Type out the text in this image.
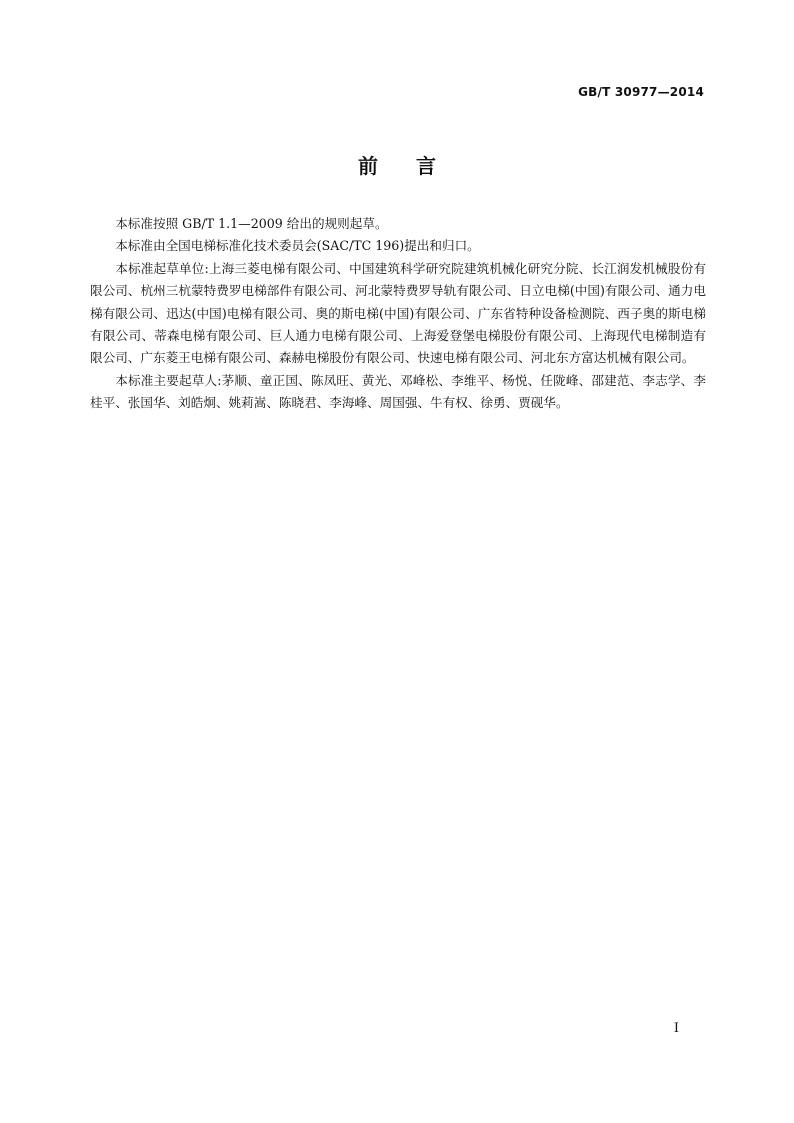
GB/T 30977—2014
前言

本标准按照 GB/T 1.1—2009 给出的规则起草。

本标准由全国电梯标准化技术委员会(SAC/TC 196)提出和归口。

本标准起草单位:上海三菱电梯有限公司、中国建筑科学研究院建筑机械化研究分院、长江润发机械股份有限公司、杭州三杭蒙特费罗电梯部件有限公司、河北蒙特费罗导轨有限公司、日立电梯(中国)有限公司、通力电梯有限公司、迅达(中国)电梯有限公司、奥的斯电梯(中国)有限公司、广东省特种设备检测院、西子奥的斯电梯有限公司、蒂森电梯有限公司、巨人通力电梯有限公司、上海爱登堡电梯股份有限公司、上海现代电梯制造有限公司、广东菱王电梯有限公司、森赫电梯股份有限公司、快速电梯有限公司、河北东方富达机械有限公司。

本标准主要起草人:茅顺、童正国、陈凤旺、黄光、邓峰松、李维平、杨悦、任陇峰、邵建范、李志学、李桂平、张国华、刘皓炯、姚莉嵩、陈晓君、李海峰、周国强、牛有权、徐勇、贾砚华。

I
